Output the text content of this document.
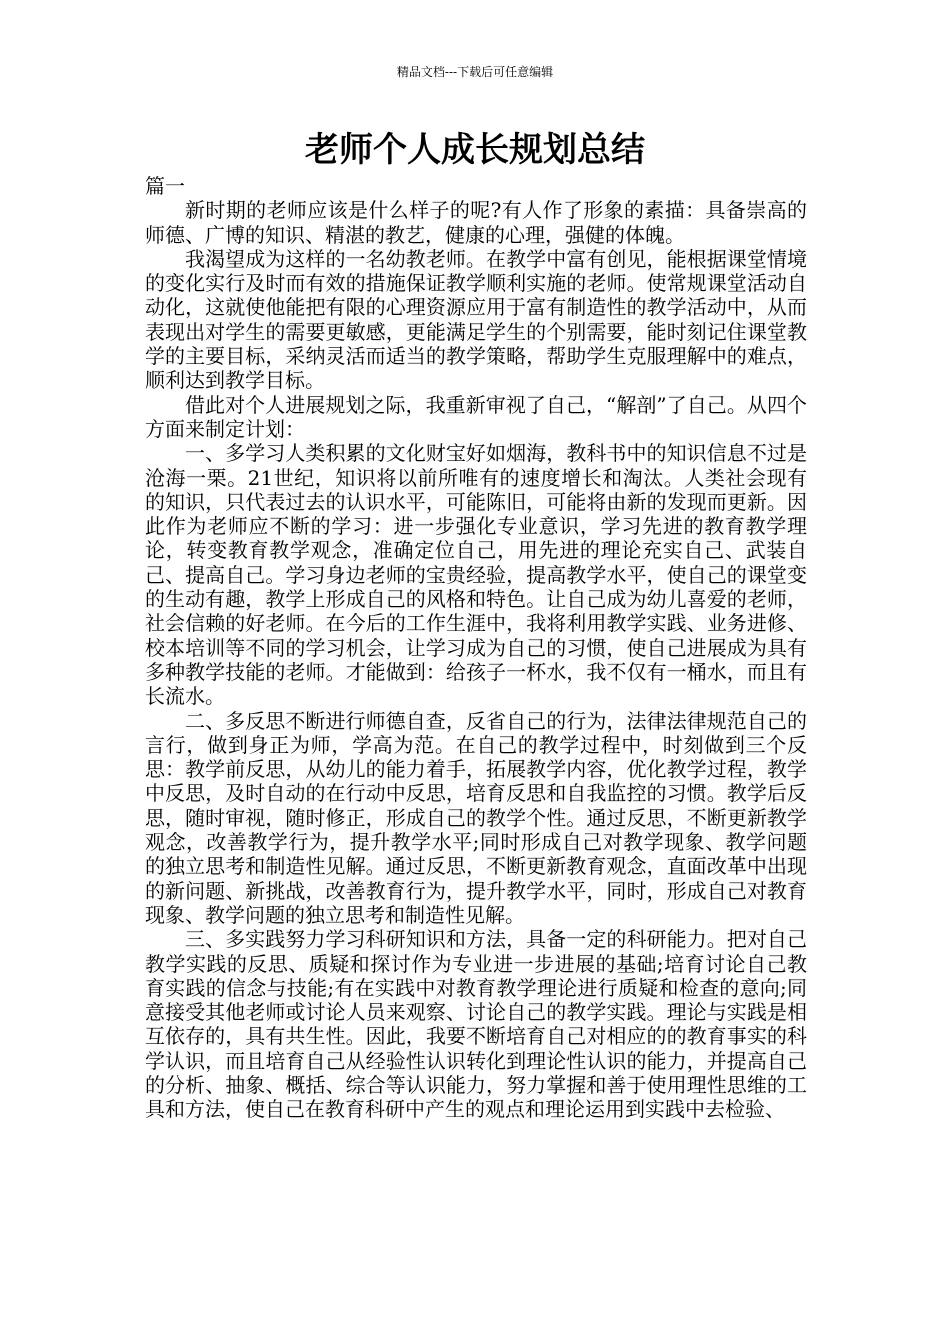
精品文档---下载后可任意编辑
老师个人成长规划总结

篇一

新时期的老师应该是什么样子的呢?有人作了形象的素描：具备崇高的师德、广博的知识、精湛的教艺，健康的心理，强健的体魄。

我渴望成为这样的一名幼教老师。在教学中富有创见，能根据课堂情境的变化实行及时而有效的措施保证教学顺利实施的老师。使常规课堂活动自动化，这就使他能把有限的心理资源应用于富有制造性的教学活动中，从而表现出对学生的需要更敏感，更能满足学生的个别需要，能时刻记住课堂教学的主要目标，采纳灵活而适当的教学策略，帮助学生克服理解中的难点，顺利达到教学目标。

借此对个人进展规划之际，我重新审视了自己，“解剖”了自己。从四个方面来制定计划：

一、多学习人类积累的文化财宝好如烟海，教科书中的知识信息不过是沧海一栗。21世纪，知识将以前所唯有的速度增长和淘汰。人类社会现有的知识，只代表过去的认识水平，可能陈旧，可能将由新的发现而更新。因此作为老师应不断的学习：进一步强化专业意识，学习先进的教育教学理论，转变教育教学观念，准确定位自己，用先进的理论充实自己、武装自己、提高自己。学习身边老师的宝贵经验，提高教学水平，使自己的课堂变的生动有趣，教学上形成自己的风格和特色。让自己成为幼儿喜爱的老师，社会信赖的好老师。在今后的工作生涯中，我将利用教学实践、业务进修、校本培训等不同的学习机会，让学习成为自己的习惯，使自己进展成为具有多种教学技能的老师。才能做到：给孩子一杯水，我不仅有一桶水，而且有长流水。

二、多反思不断进行师德自查，反省自己的行为，法律法律规范自己的言行，做到身正为师，学高为范。在自己的教学过程中，时刻做到三个反思：教学前反思，从幼儿的能力着手，拓展教学内容，优化教学过程，教学中反思，及时自动的在行动中反思，培育反思和自我监控的习惯。教学后反思，随时审视，随时修正，形成自己的教学个性。通过反思，不断更新教学观念，改善教学行为，提升教学水平;同时形成自己对教学现象、教学问题的独立思考和制造性见解。通过反思，不断更新教育观念，直面改革中出现的新问题、新挑战，改善教育行为，提升教学水平，同时，形成自己对教育现象、教学问题的独立思考和制造性见解。

三、多实践努力学习科研知识和方法，具备一定的科研能力。把对自己教学实践的反思、质疑和探讨作为专业进一步进展的基础;培育讨论自己教育实践的信念与技能;有在实践中对教育教学理论进行质疑和检查的意向;同意接受其他老师或讨论人员来观察、讨论自己的教学实践。理论与实践是相互依存的，具有共生性。因此，我要不断培育自己对相应的的教育事实的科学认识，而且培育自己从经验性认识转化到理论性认识的能力，并提高自己的分析、抽象、概括、综合等认识能力，努力掌握和善于使用理性思维的工具和方法，使自己在教育科研中产生的观点和理论运用到实践中去检验、
